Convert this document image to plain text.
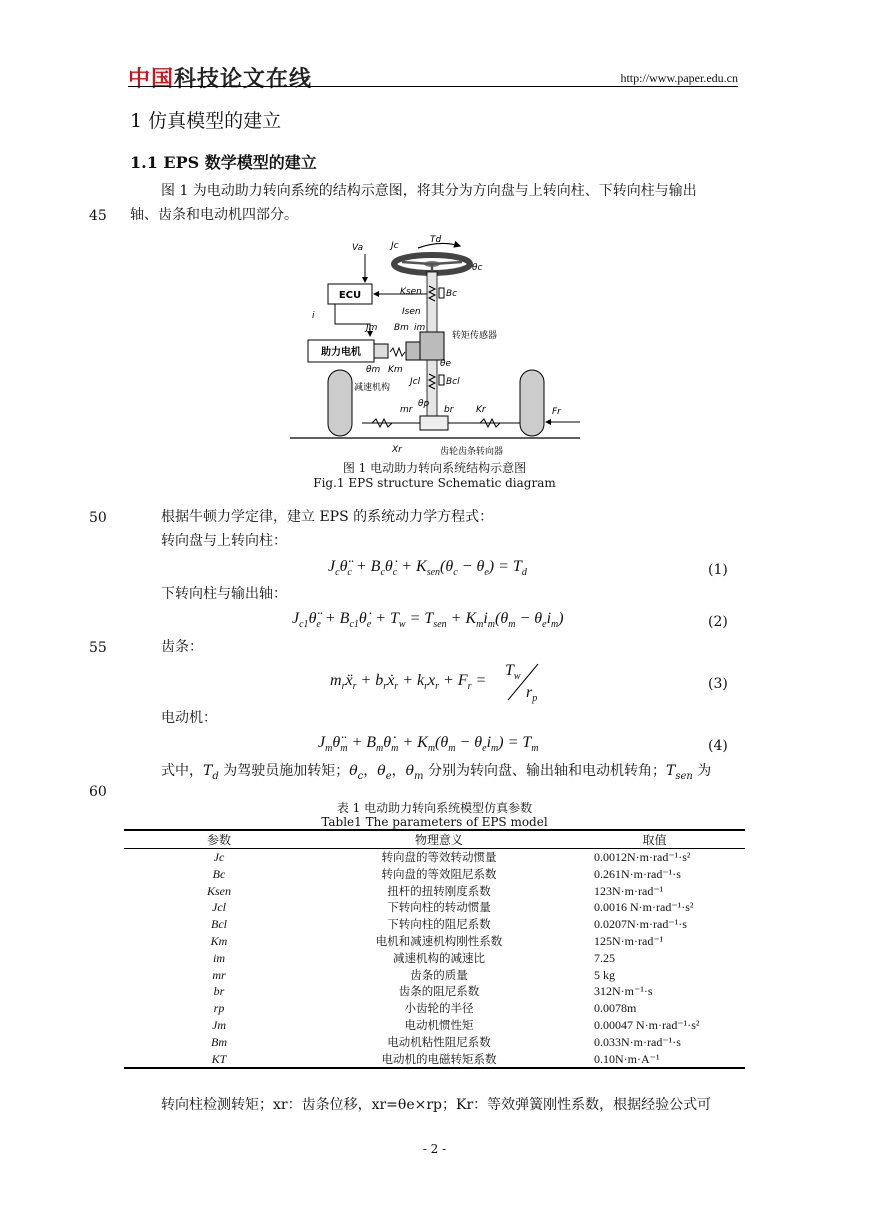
中国科技论文在线	http://www.paper.edu.cn
1 仿真模型的建立
1.1 EPS 数学模型的建立
图 1 为电动助力转向系统的结构示意图，将其分为方向盘与上转向柱、下转向柱与输出
45 轴、齿条和电动机四部分。
ECU
助力电机
Va	Jc
Td
θc
Ksen	Bc
Isen
i
Jm Bm im
转矩传感器
θe
θm Km
减速机构
Jcl	Bcl
θp
mr	br	Kr	Fr
Xr	齿轮齿条转向器
图 1 电动助力转向系统结构示意图
Fig.1 EPS structure Schematic diagram
50	根据牛顿力学定律，建立 EPS 的系统动力学方程式：
转向盘与上转向柱：
$J_c\thetä_c$ + $B_c\thetȧ_c + K_{sen}(\theta_c - \theta_e) = T_d$	(1)
下转向柱与输出轴：
$J_{c1}\thetä_e$ + $B_{c1}\thetȧ_e + T_w = T_{sen} + K_mi_m(\theta_m - \theta_ei_m)$	(2)
55	齿条：
$m_rẍ_r$ + $b_rẋ_r + k_rx_r + F_r$ =
$T_w$
$r_p$
(3)
电动机：
$J_m\thetä_m$ + $B_m\thetȧ_m + K_m(\theta_m - \theta_ei_m) = T_m$	(4)
式中，$T_d$ 为驾驶员施加转矩；$\theta_c$，$\theta_e$，$\theta_m$ 分别为转向盘、输出轴和电动机转角；$T_{sen}$ 为
60
表 1 电动助力转向系统模型仿真参数
Table1 The parameters of EPS model
参数	物理意义	取值
Jc	转向盘的等效转动惯量	0.0012N·m·rad⁻¹·s²
Bc	转向盘的等效阻尼系数	0.261N·m·rad⁻¹·s
Ksen	扭杆的扭转刚度系数	123N·m·rad⁻¹
Jcl	下转向柱的转动惯量	0.0016 N·m·rad⁻¹·s²
Bcl	下转向柱的阻尼系数	0.0207N·m·rad⁻¹·s
Km	电机和减速机构刚性系数	125N·m·rad⁻¹
im	减速机构的减速比	7.25
mr	齿条的质量	5 kg
br	齿条的阻尼系数	312N·m⁻¹·s
rp	小齿轮的半径	0.0078m
Jm	电动机惯性矩	0.00047 N·m·rad⁻¹·s²
Bm	电动机粘性阻尼系数	0.033N·m·rad⁻¹·s
KT	电动机的电磁转矩系数	0.10N·m·A⁻¹
转向柱检测转矩；xr：齿条位移，xr=θe×rp；Kr：等效弹簧刚性系数，根据经验公式可
- 2 -
